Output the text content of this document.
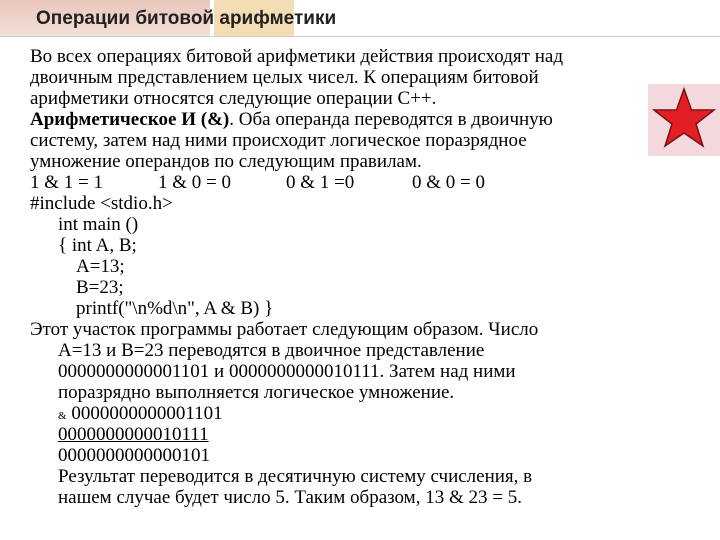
Операции битовой арифметики
Во всех операциях битовой арифметики действия происходят над
двоичным представлением целых чисел. К операциям битовой
арифметики относятся следующие операции С++.
Арифметическое И (&). Оба операнда переводятся в двоичную
систему, затем над ними происходит логическое поразрядное
умножение операндов по следующим правилам.
1 & 1 = 1	1 & 0 = 0	0 & 1 =0	0 & 0 = 0
#include <stdio.h>
int main ()
{ int A, B;
A=13;
B=23;
printf("\n%d\n", A & B) }
Этот участок программы работает следующим образом. Число
А=13 и В=23 переводятся в двоичное представление
0000000000001101 и 0000000000010111. Затем над ними
поразрядно выполняется логическое умножение.
& 0000000000001101
0000000000010111
0000000000000101
Результат переводится в десятичную систему счисления, в
нашем случае будет число 5. Таким образом, 13 & 23 = 5.
